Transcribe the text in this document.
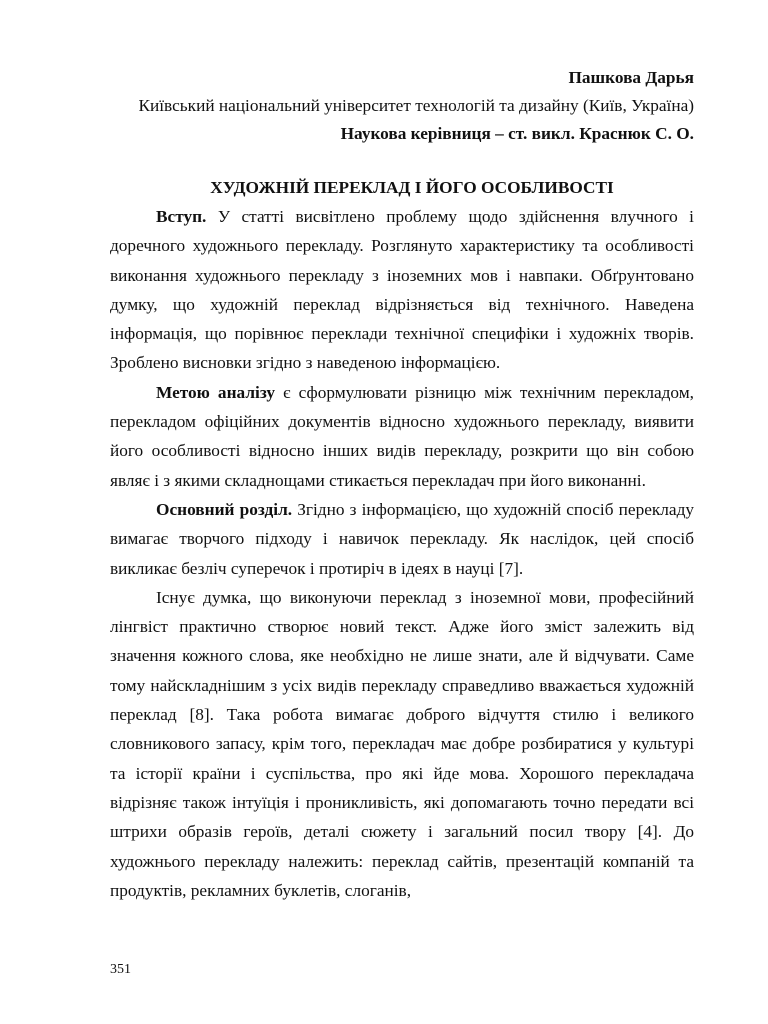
Пашкова Дарья
Київський національний університет технологій та дизайну (Київ, Україна)
Наукова керівниця – ст. викл. Краснюк С. О.
ХУДОЖНІЙ ПЕРЕКЛАД І ЙОГО ОСОБЛИВОСТІ

Вступ. У статті висвітлено проблему щодо здійснення влучного і доречного художнього перекладу. Розглянуто характеристику та особливості виконання художнього перекладу з іноземних мов і навпаки. Обґрунтовано думку, що художній переклад відрізняється від технічного. Наведена інформація, що порівнює переклади технічної специфіки і художніх творів. Зроблено висновки згідно з наведеною інформацією.

Метою аналізу є сформулювати різницю між технічним перекладом, перекладом офіційних документів відносно художнього перекладу, виявити його особливості відносно інших видів перекладу, розкрити що він собою являє і з якими складнощами стикається перекладач при його виконанні.

Основний розділ. Згідно з інформацією, що художній спосіб перекладу вимагає творчого підходу і навичок перекладу. Як наслідок, цей спосіб викликає безліч суперечок і протиріч в ідеях в науці [7].

Існує думка, що виконуючи переклад з іноземної мови, професійний лінгвіст практично створює новий текст. Адже його зміст залежить від значення кожного слова, яке необхідно не лише знати, але й відчувати. Саме тому найскладнішим з усіх видів перекладу справедливо вважається художній переклад [8]. Така робота вимагає доброго відчуття стилю і великого словникового запасу, крім того, перекладач має добре розбиратися у культурі та історії країни і суспільства, про які йде мова. Хорошого перекладача відрізняє також інтуїція і проникливість, які допомагають точно передати всі штрихи образів героїв, деталі сюжету і загальний посил твору [4]. До художнього перекладу належить: переклад сайтів, презентацій компаній та продуктів, рекламних буклетів, слоганів,

351
